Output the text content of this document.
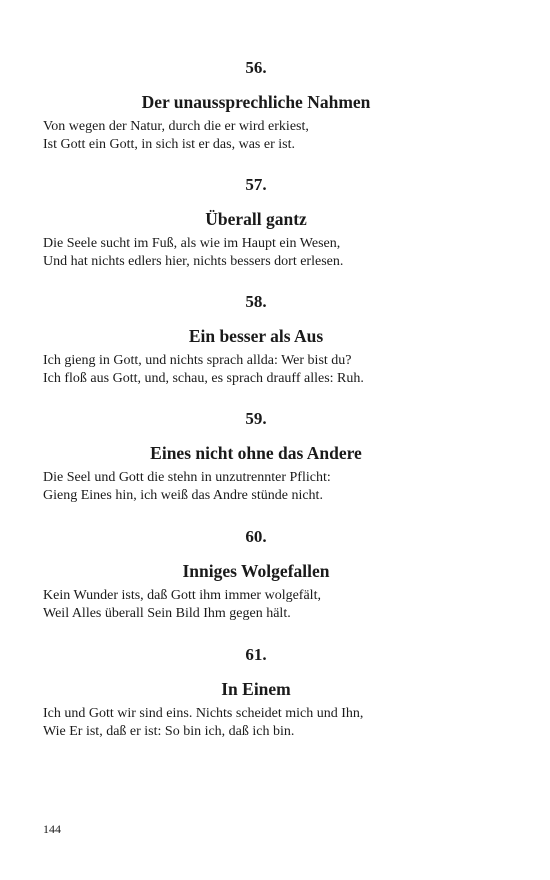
56.

Der unaussprechliche Nahmen

Von wegen der Natur, durch die er wird erkiest,

Ist Gott ein Gott, in sich ist er das, was er ist.

57.

Überall gantz

Die Seele sucht im Fuß, als wie im Haupt ein Wesen,

Und hat nichts edlers hier, nichts bessers dort erlesen.

58.

Ein besser als Aus

Ich gieng in Gott, und nichts sprach allda: Wer bist du?

Ich floß aus Gott, und, schau, es sprach drauff alles: Ruh.

59.

Eines nicht ohne das Andere

Die Seel und Gott die stehn in unzutrennter Pflicht:

Gieng Eines hin, ich weiß das Andre stünde nicht.

60.

Inniges Wolgefallen

Kein Wunder ists, daß Gott ihm immer wolgefält,

Weil Alles überall Sein Bild Ihm gegen hält.

61.

In Einem

Ich und Gott wir sind eins. Nichts scheidet mich und Ihn,

Wie Er ist, daß er ist: So bin ich, daß ich bin.

144
